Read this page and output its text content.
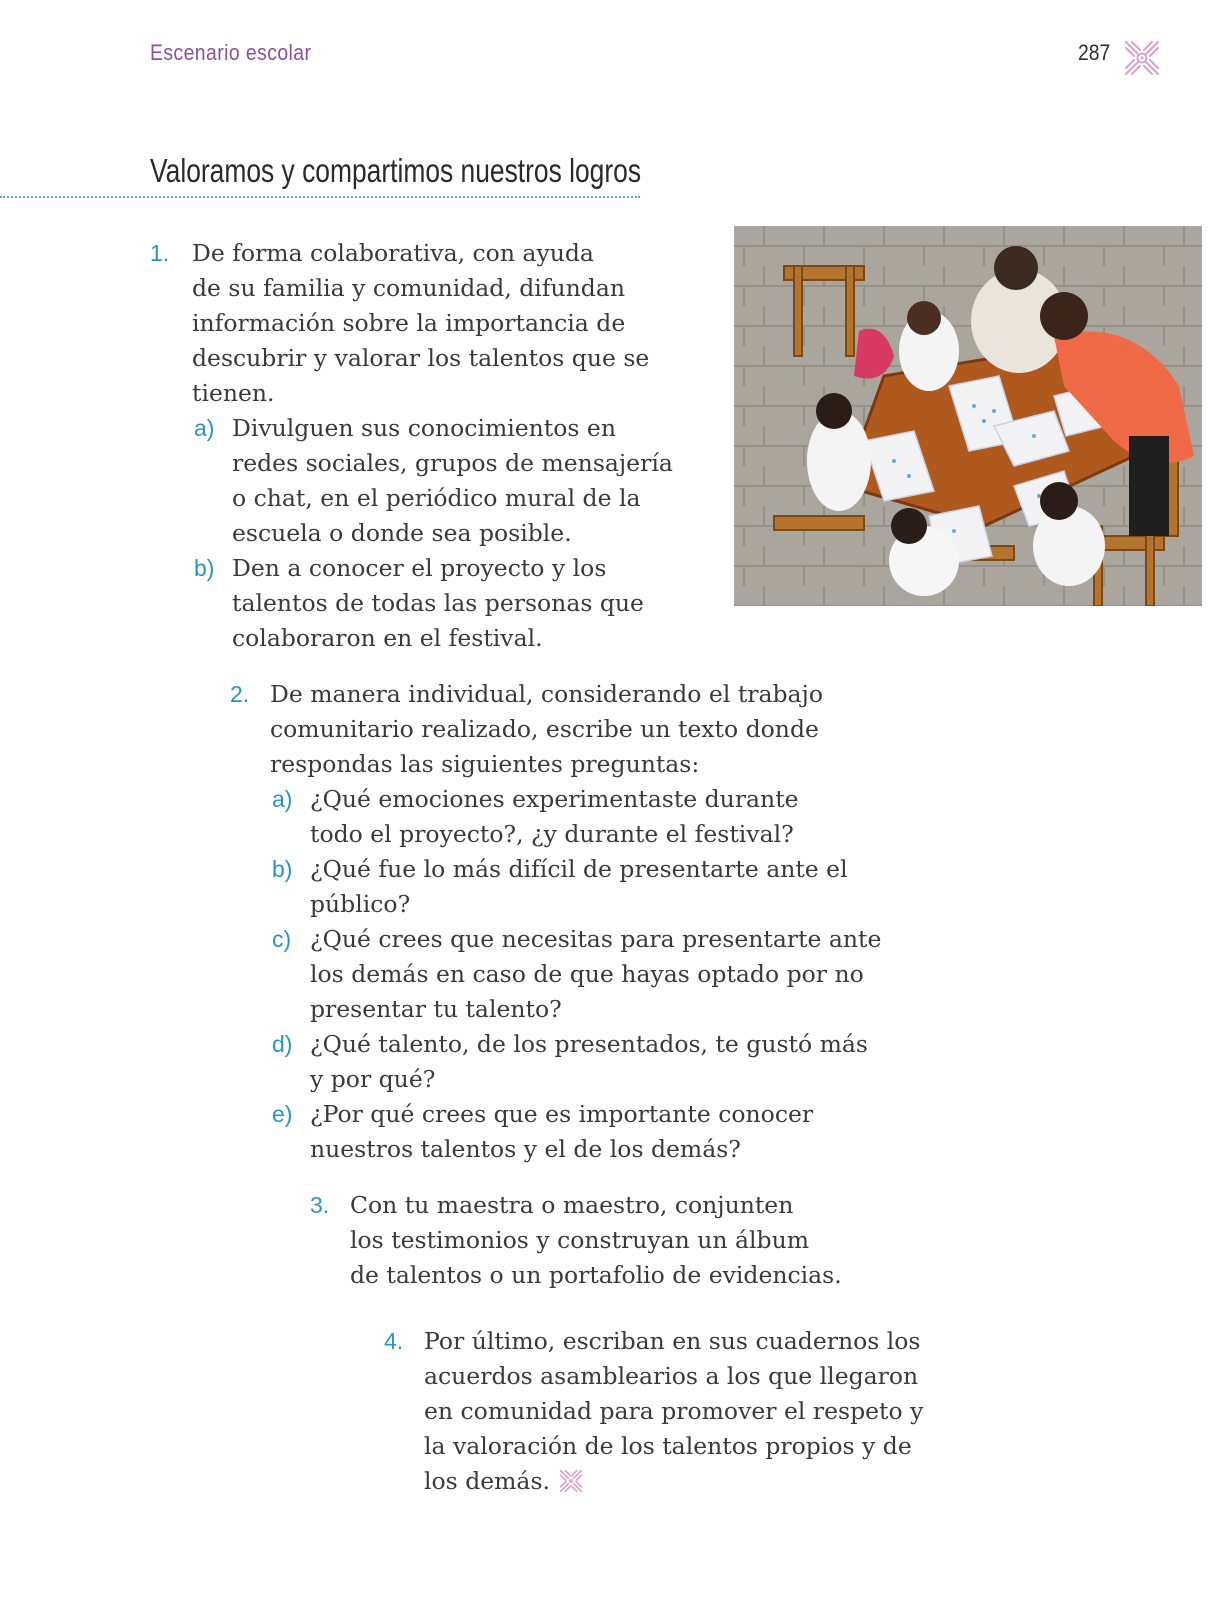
Escenario escolar	287
Valoramos y compartimos nuestros logros
1. De forma colaborativa, con ayuda
de su familia y comunidad, difundan
información sobre la importancia de
descubrir y valorar los talentos que se
tienen.
a) Divulguen sus conocimientos en
redes sociales, grupos de mensajería
o chat, en el periódico mural de la
escuela o donde sea posible.
b) Den a conocer el proyecto y los
talentos de todas las personas que
colaboraron en el festival.
2. De manera individual, considerando el trabajo
comunitario realizado, escribe un texto donde
respondas las siguientes preguntas:
a) ¿Qué emociones experimentaste durante
todo el proyecto?, ¿y durante el festival?
b) ¿Qué fue lo más difícil de presentarte ante el
público?
c) ¿Qué crees que necesitas para presentarte ante
los demás en caso de que hayas optado por no
presentar tu talento?
d) ¿Qué talento, de los presentados, te gustó más
y por qué?
e) ¿Por qué crees que es importante conocer
nuestros talentos y el de los demás?
3. Con tu maestra o maestro, conjunten
los testimonios y construyan un álbum
de talentos o un portafolio de evidencias.
4. Por último, escriban en sus cuadernos los
acuerdos asamblearios a los que llegaron
en comunidad para promover el respeto y
la valoración de los talentos propios y de
los demás.
